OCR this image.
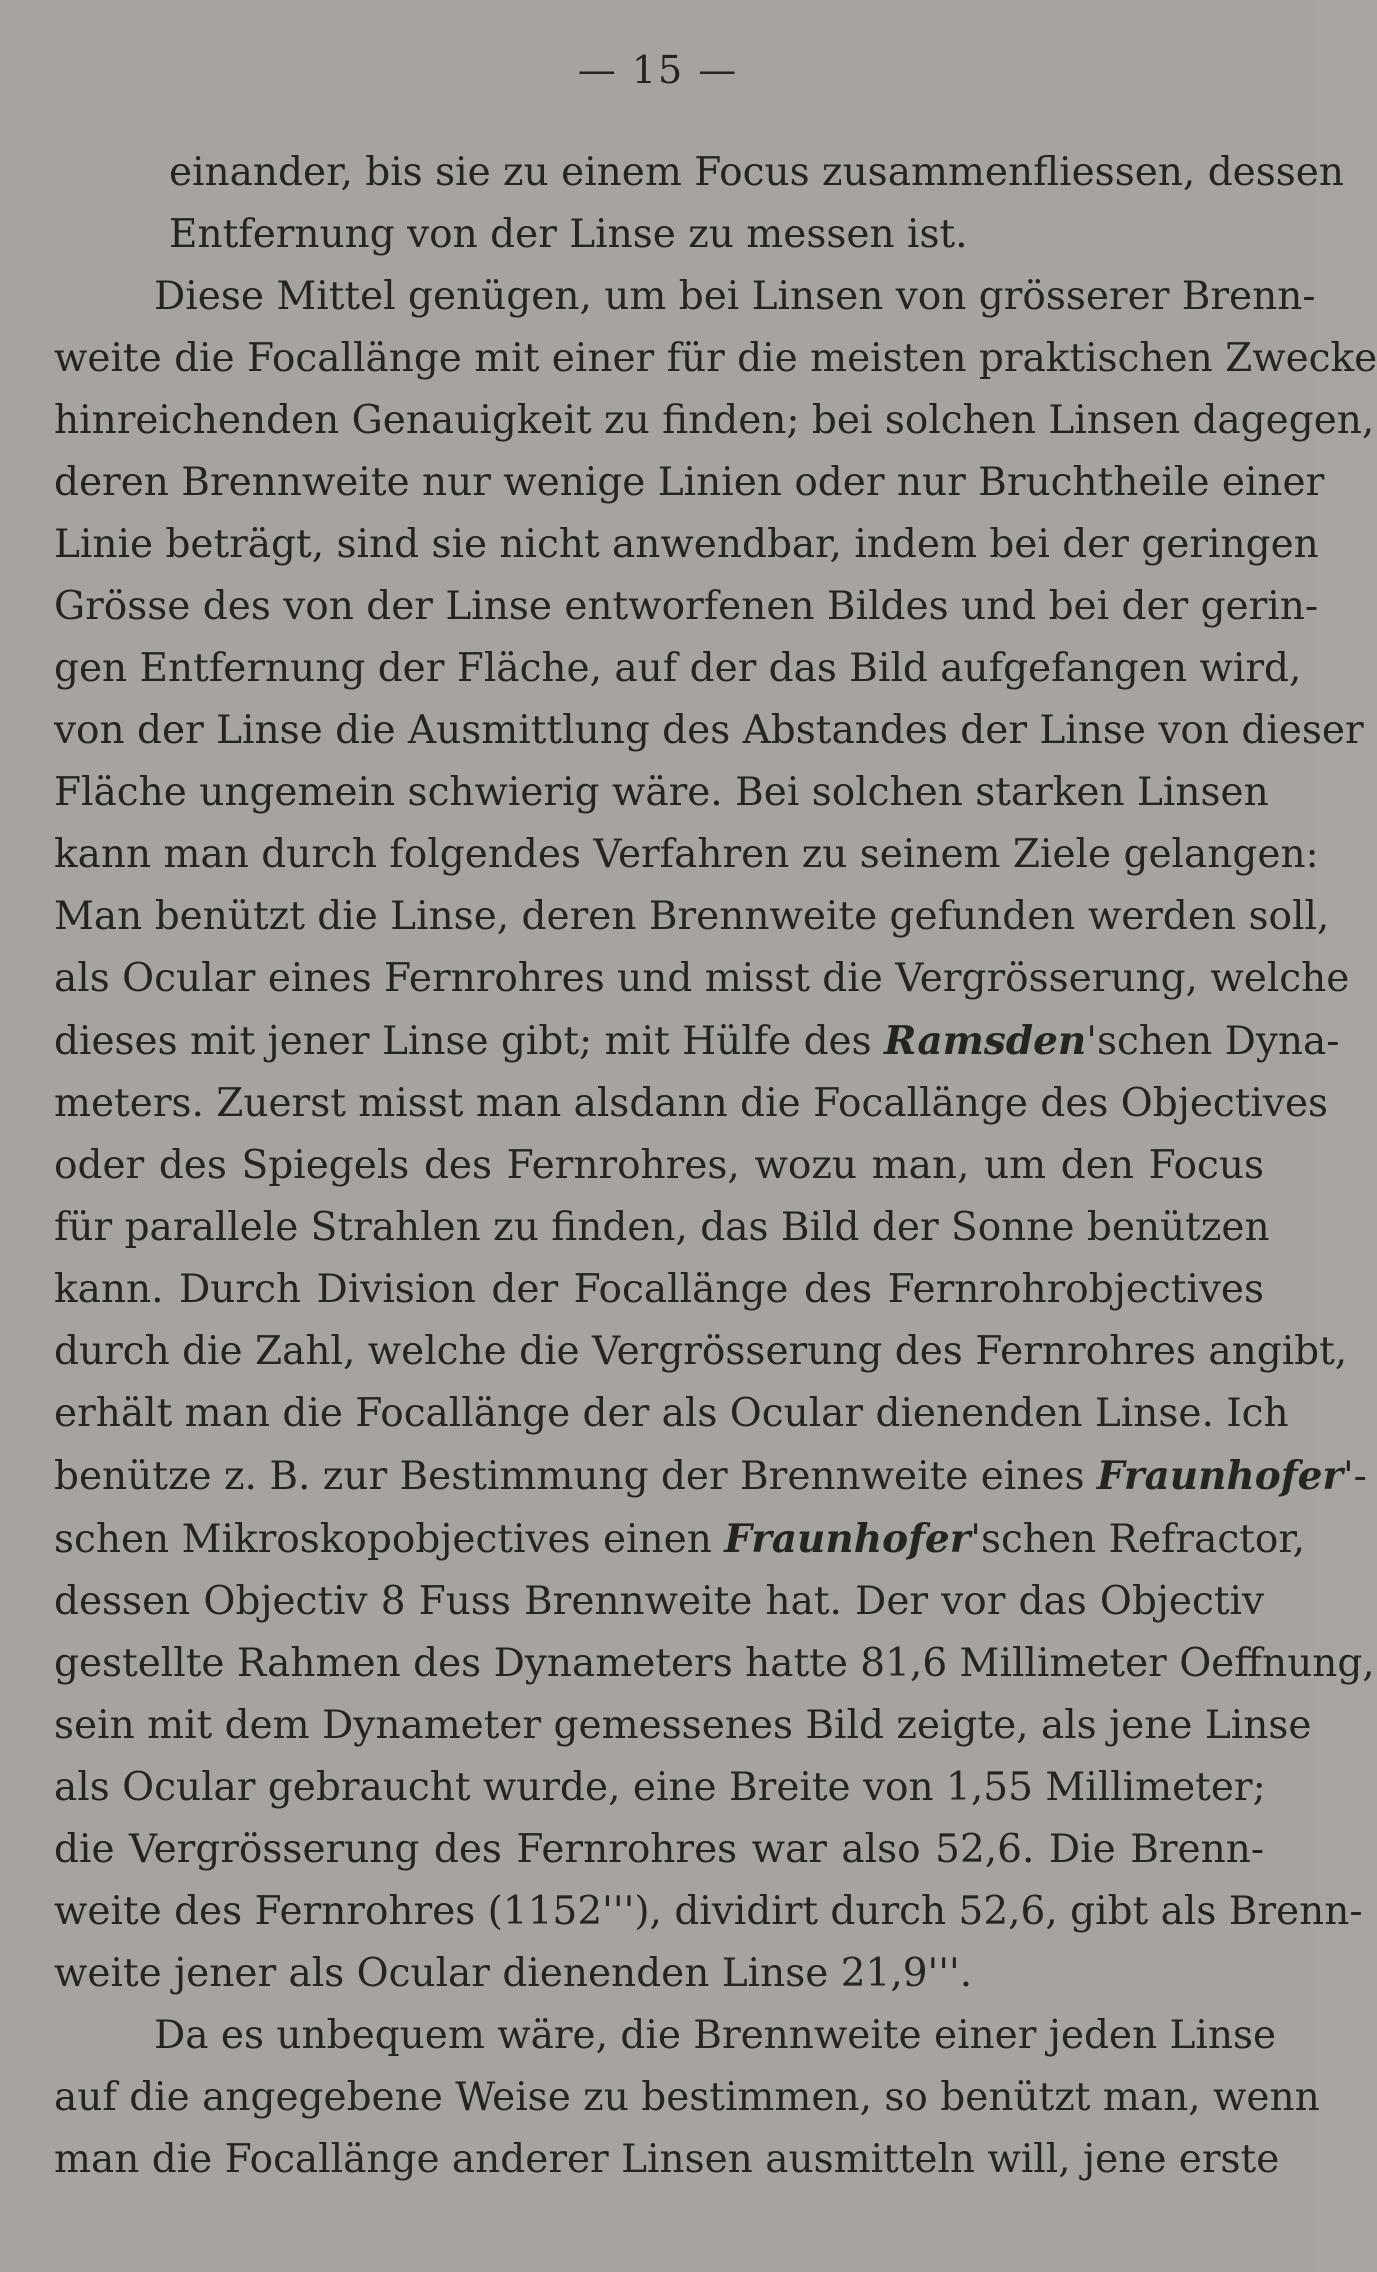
— 15 —

einander, bis sie zu einem Focus zusammenfliessen, dessen
Entfernung von der Linse zu messen ist.

Diese Mittel genügen, um bei Linsen von grösserer Brenn-
weite die Focallänge mit einer für die meisten praktischen Zwecke
hinreichenden Genauigkeit zu finden; bei solchen Linsen dagegen,
deren Brennweite nur wenige Linien oder nur Bruchtheile einer
Linie beträgt, sind sie nicht anwendbar, indem bei der geringen
Grösse des von der Linse entworfenen Bildes und bei der gerin-
gen Entfernung der Fläche, auf der das Bild aufgefangen wird,
von der Linse die Ausmittlung des Abstandes der Linse von dieser
Fläche ungemein schwierig wäre. Bei solchen starken Linsen
kann man durch folgendes Verfahren zu seinem Ziele gelangen:
Man benützt die Linse, deren Brennweite gefunden werden soll,
als Ocular eines Fernrohres und misst die Vergrösserung, welche
dieses mit jener Linse gibt; mit Hülfe des Ramsden'schen Dyna-
meters. Zuerst misst man alsdann die Focallänge des Objectives
oder des Spiegels des Fernrohres, wozu man, um den Focus
für parallele Strahlen zu finden, das Bild der Sonne benützen
kann. Durch Division der Focallänge des Fernrohrobjectives
durch die Zahl, welche die Vergrösserung des Fernrohres angibt,
erhält man die Focallänge der als Ocular dienenden Linse. Ich
benütze z. B. zur Bestimmung der Brennweite eines Fraunhofer'-
schen Mikroskopobjectives einen Fraunhofer'schen Refractor,
dessen Objectiv 8 Fuss Brennweite hat. Der vor das Objectiv
gestellte Rahmen des Dynameters hatte 81,6 Millimeter Oeffnung,
sein mit dem Dynameter gemessenes Bild zeigte, als jene Linse
als Ocular gebraucht wurde, eine Breite von 1,55 Millimeter;
die Vergrösserung des Fernrohres war also 52,6. Die Brenn-
weite des Fernrohres (1152'''), dividirt durch 52,6, gibt als Brenn-
weite jener als Ocular dienenden Linse 21,9'''.

Da es unbequem wäre, die Brennweite einer jeden Linse
auf die angegebene Weise zu bestimmen, so benützt man, wenn
man die Focallänge anderer Linsen ausmitteln will, jene erste
